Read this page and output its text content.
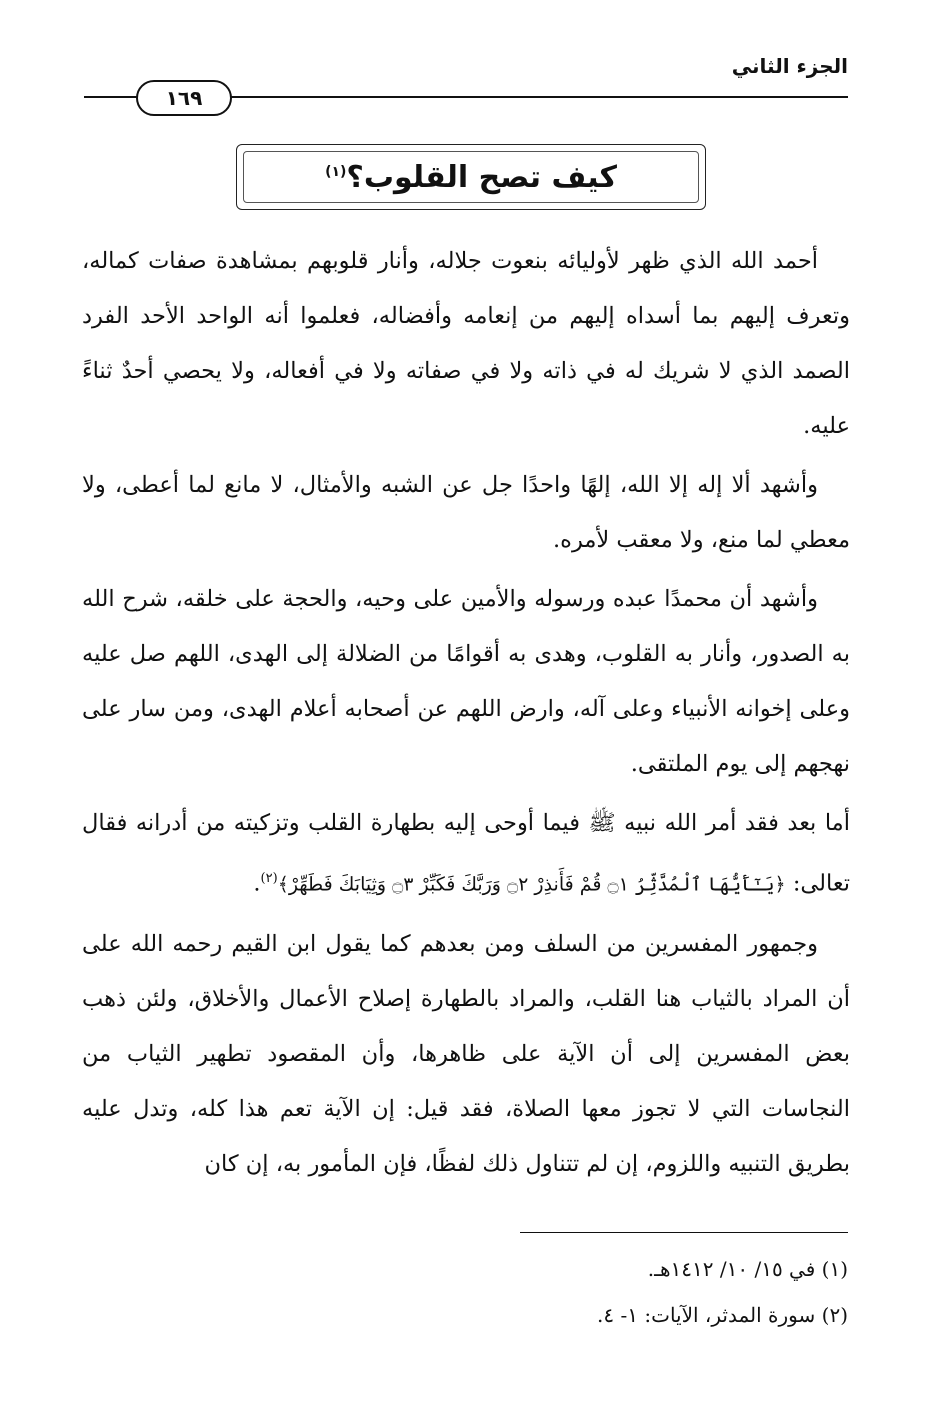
الجزء الثاني
١٦٩
كيف تصح القلوب؟$^{(١)}$

أحمد الله الذي ظهر لأوليائه بنعوت جلاله، وأنار قلوبهم بمشاهدة صفات كماله، وتعرف إليهم بما أسداه إليهم من إنعامه وأفضاله، فعلموا أنه الواحد الأحد الفرد الصمد الذي لا شريك له في ذاته ولا في صفاته ولا في أفعاله، ولا يحصي أحدٌ ثناءً عليه.

وأشهد ألا إله إلا الله، إلهًا واحدًا جل عن الشبه والأمثال، لا مانع لما أعطى، ولا معطي لما منع، ولا معقب لأمره.

وأشهد أن محمدًا عبده ورسوله والأمين على وحيه، والحجة على خلقه، شرح الله به الصدور، وأنار به القلوب، وهدى به أقوامًا من الضلالة إلى الهدى، اللهم صل عليه وعلى إخوانه الأنبياء وعلى آله، وارض اللهم عن أصحابه أعلام الهدى، ومن سار على نهجهم إلى يوم الملتقى.

أما بعد فقد أمر الله نبيه ﷺ فيما أوحى إليه بطهارة القلب وتزكيته من أدرانه فقال تعالى: ﴿يَـٰٓأَيُّهَا ٱلْمُدَّثِّرُ ۝١ قُمْ فَأَنذِرْ ۝٢ وَرَبَّكَ فَكَبِّرْ ۝٣ وَثِيَابَكَ فَطَهِّرْ﴾$^{(٢)}$.

وجمهور المفسرين من السلف ومن بعدهم كما يقول ابن القيم رحمه الله على أن المراد بالثياب هنا القلب، والمراد بالطهارة إصلاح الأعمال والأخلاق، ولئن ذهب بعض المفسرين إلى أن الآية على ظاهرها، وأن المقصود تطهير الثياب من النجاسات التي لا تجوز معها الصلاة، فقد قيل: إن الآية تعم هذا كله، وتدل عليه بطريق التنبيه واللزوم، إن لم تتناول ذلك لفظًا، فإن المأمور به، إن كان

(١) في ١٥/ ١٠/ ١٤١٢هـ.
(٢) سورة المدثر، الآيات: ١- ٤.
